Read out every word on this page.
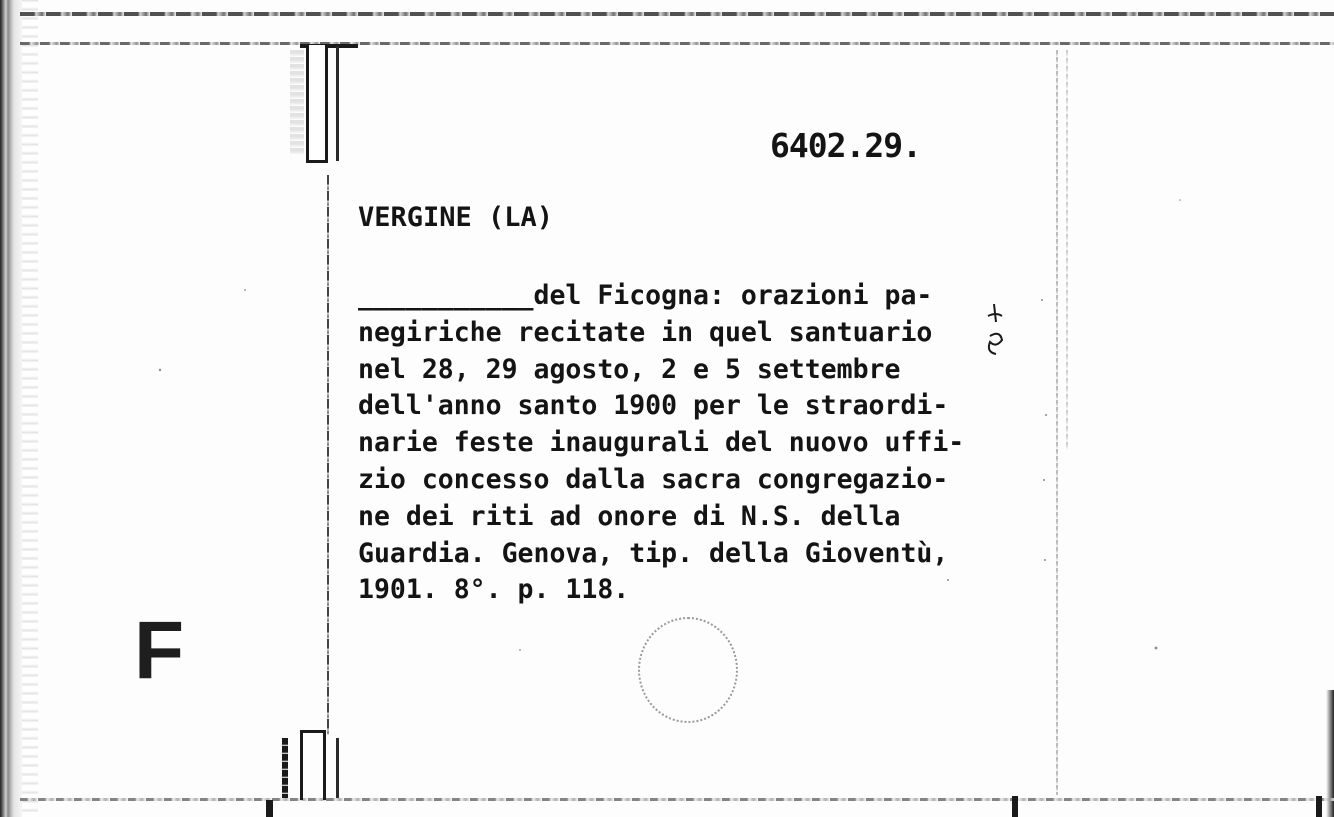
F
6402.29.
VERGINE (LA)
___________del Ficogna: orazioni pa-
negiriche recitate in quel santuario
nel 28, 29 agosto, 2 e 5 settembre
dell'anno santo 1900 per le straordi-
narie feste inaugurali del nuovo uffi-
zio concesso dalla sacra congregazio-
ne dei riti ad onore di N.S. della
Guardia. Genova, tip. della Gioventù,
1901. 8°. p. 118.
